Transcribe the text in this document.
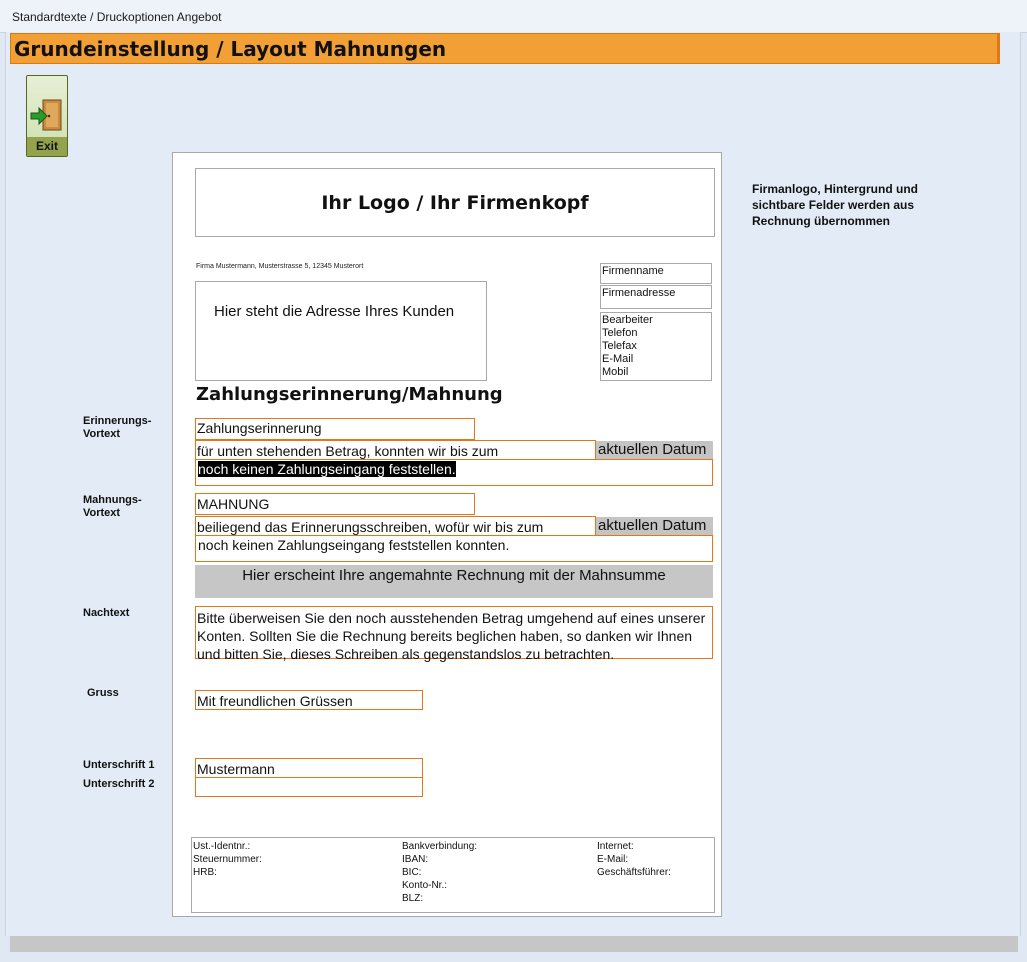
Standardtexte / Druckoptionen Angebot
Grundeinstellung / Layout Mahnungen
Exit
Ihr Logo / Ihr Firmenkopf
Firma Mustermann, Musterstrasse 5, 12345 Musterort
Hier steht die Adresse Ihres Kunden
Firmenname
Firmenadresse
Bearbeiter
Telefon
Telefax
E-Mail
Mobil
Zahlungserinnerung/Mahnung
Erinnerungs-
Vortext	Zahlungserinnerung
für unten stehenden Betrag, konnten wir bis zum	aktuellen Datum
noch keinen Zahlungseingang feststellen.
Mahnungs-
Vortext
MAHNUNG
beiliegend das Erinnerungsschreiben, wofür wir bis zum	aktuellen Datum
noch keinen Zahlungseingang feststellen konnten.
Hier erscheint Ihre angemahnte Rechnung mit der Mahnsumme
Nachtext	Bitte überweisen Sie den noch ausstehenden Betrag umgehend auf eines unserer Konten. Sollten Sie die Rechnung bereits beglichen haben, so danken wir Ihnen und bitten Sie, dieses Schreiben als gegenstandslos zu betrachten.

Gruss	Mit freundlichen Grüssen
Unterschrift 1
Unterschrift 2
Mustermann
Ust.-Identnr.:
Steuernummer:
HRB:
Bankverbindung:
IBAN:
BIC:
Konto-Nr.:
BLZ:
Internet:
E-Mail:
Geschäftsführer:
Firmanlogo, Hintergrund und sichtbare Felder werden aus Rechnung übernommen
